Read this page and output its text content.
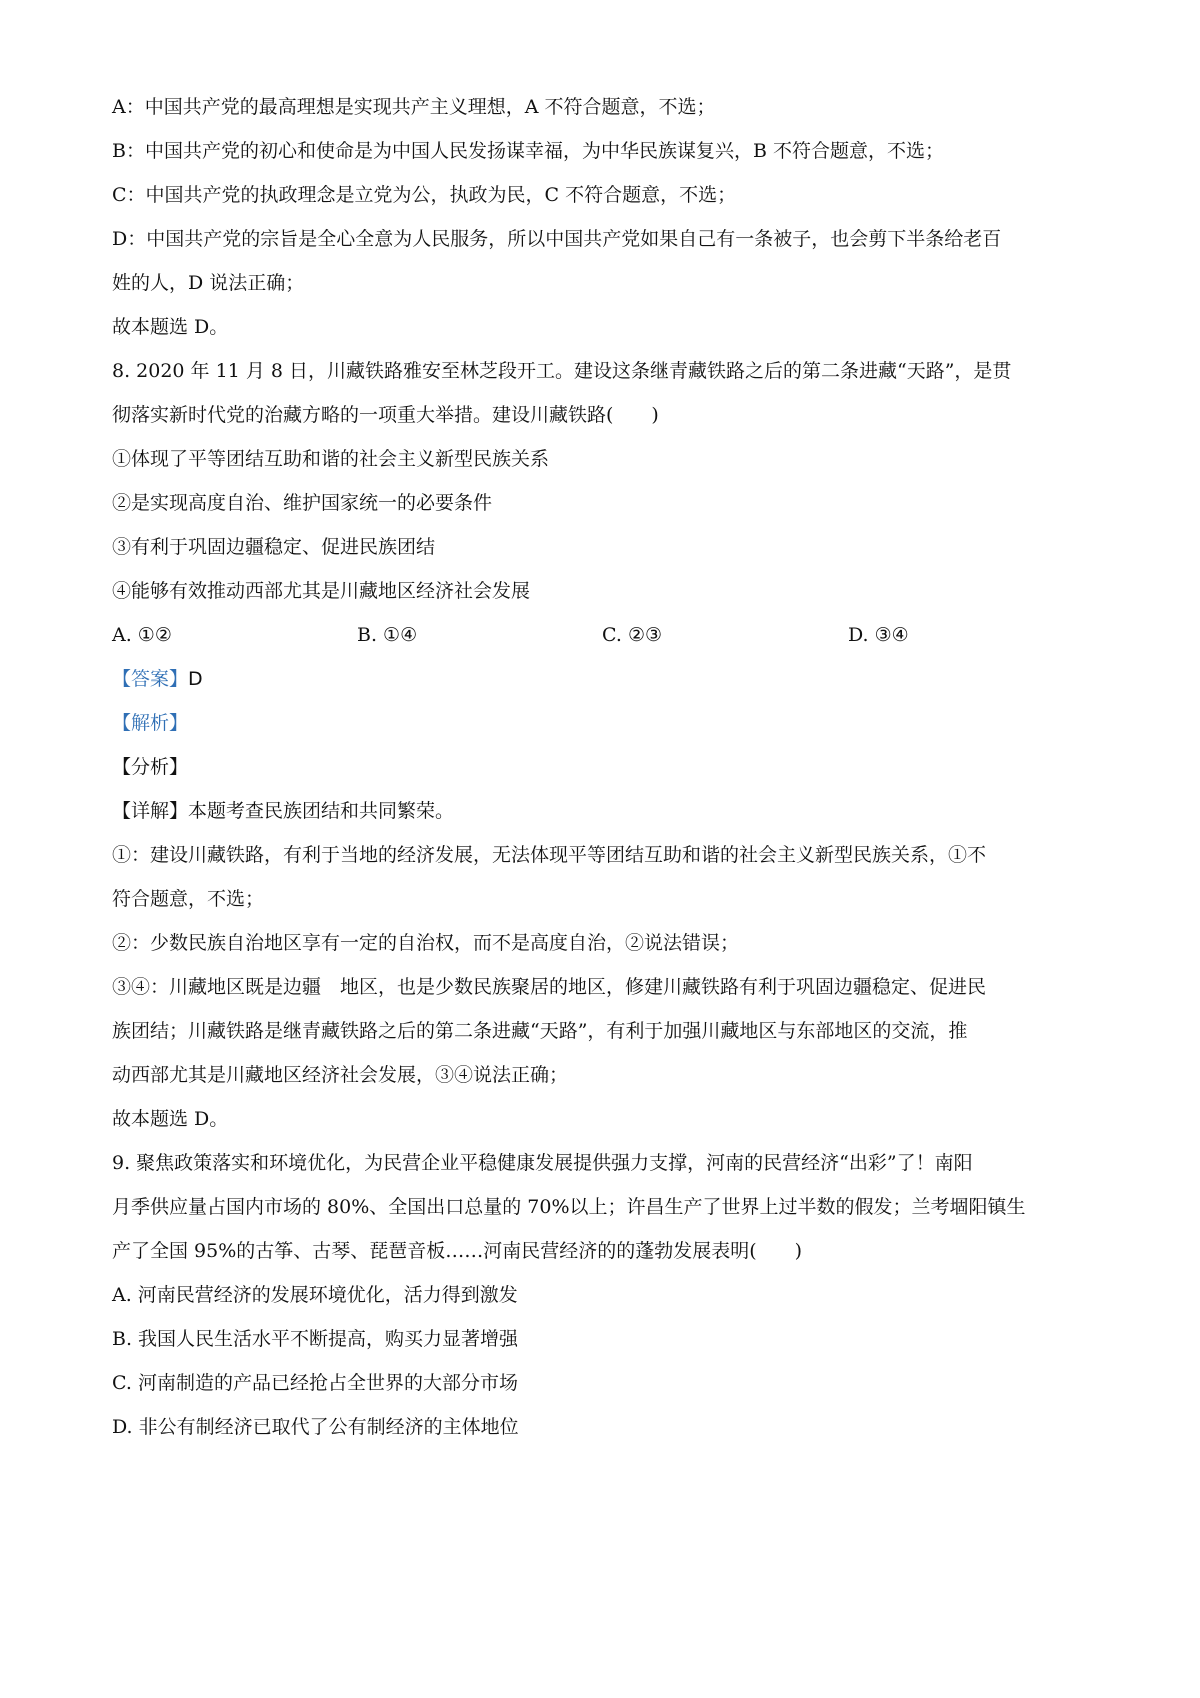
A：中国共产党的最高理想是实现共产主义理想，A 不符合题意，不选；

B：中国共产党的初心和使命是为中国人民发扬谋幸福，为中华民族谋复兴，B 不符合题意，不选；

C：中国共产党的执政理念是立党为公，执政为民，C 不符合题意，不选；

D：中国共产党的宗旨是全心全意为人民服务，所以中国共产党如果自己有一条被子，也会剪下半条给老百

姓的人，D 说法正确；

故本题选 D。

8. 2020 年 11 月 8 日，川藏铁路雅安至林芝段开工。建设这条继青藏铁路之后的第二条进藏“天路”，是贯

彻落实新时代党的治藏方略的一项重大举措。建设川藏铁路(　　)

①体现了平等团结互助和谐的社会主义新型民族关系

②是实现高度自治、维护国家统一的必要条件

③有利于巩固边疆稳定、促进民族团结

④能够有效推动西部尤其是川藏地区经济社会发展

A. ①②	B. ①④	C. ②③	D. ③④

【答案】D

【解析】

【分析】

【详解】本题考查民族团结和共同繁荣。

①：建设川藏铁路，有利于当地的经济发展，无法体现平等团结互助和谐的社会主义新型民族关系，①不

符合题意，不选；

②：少数民族自治地区享有一定的自治权，而不是高度自治，②说法错误；

③④：川藏地区既是边疆　地区，也是少数民族聚居的地区，修建川藏铁路有利于巩固边疆稳定、促进民

族团结；川藏铁路是继青藏铁路之后的第二条进藏“天路”，有利于加强川藏地区与东部地区的交流，推

动西部尤其是川藏地区经济社会发展，③④说法正确；

故本题选 D。

9. 聚焦政策落实和环境优化，为民营企业平稳健康发展提供强力支撑，河南的民营经济“出彩”了！南阳

月季供应量占国内市场的 80%、全国出口总量的 70%以上；许昌生产了世界上过半数的假发；兰考堌阳镇生

产了全国 95%的古筝、古琴、琵琶音板……河南民营经济的的蓬勃发展表明(　　)

A. 河南民营经济的发展环境优化，活力得到激发

B. 我国人民生活水平不断提高，购买力显著增强

C. 河南制造的产品已经抢占全世界的大部分市场

D. 非公有制经济已取代了公有制经济的主体地位
